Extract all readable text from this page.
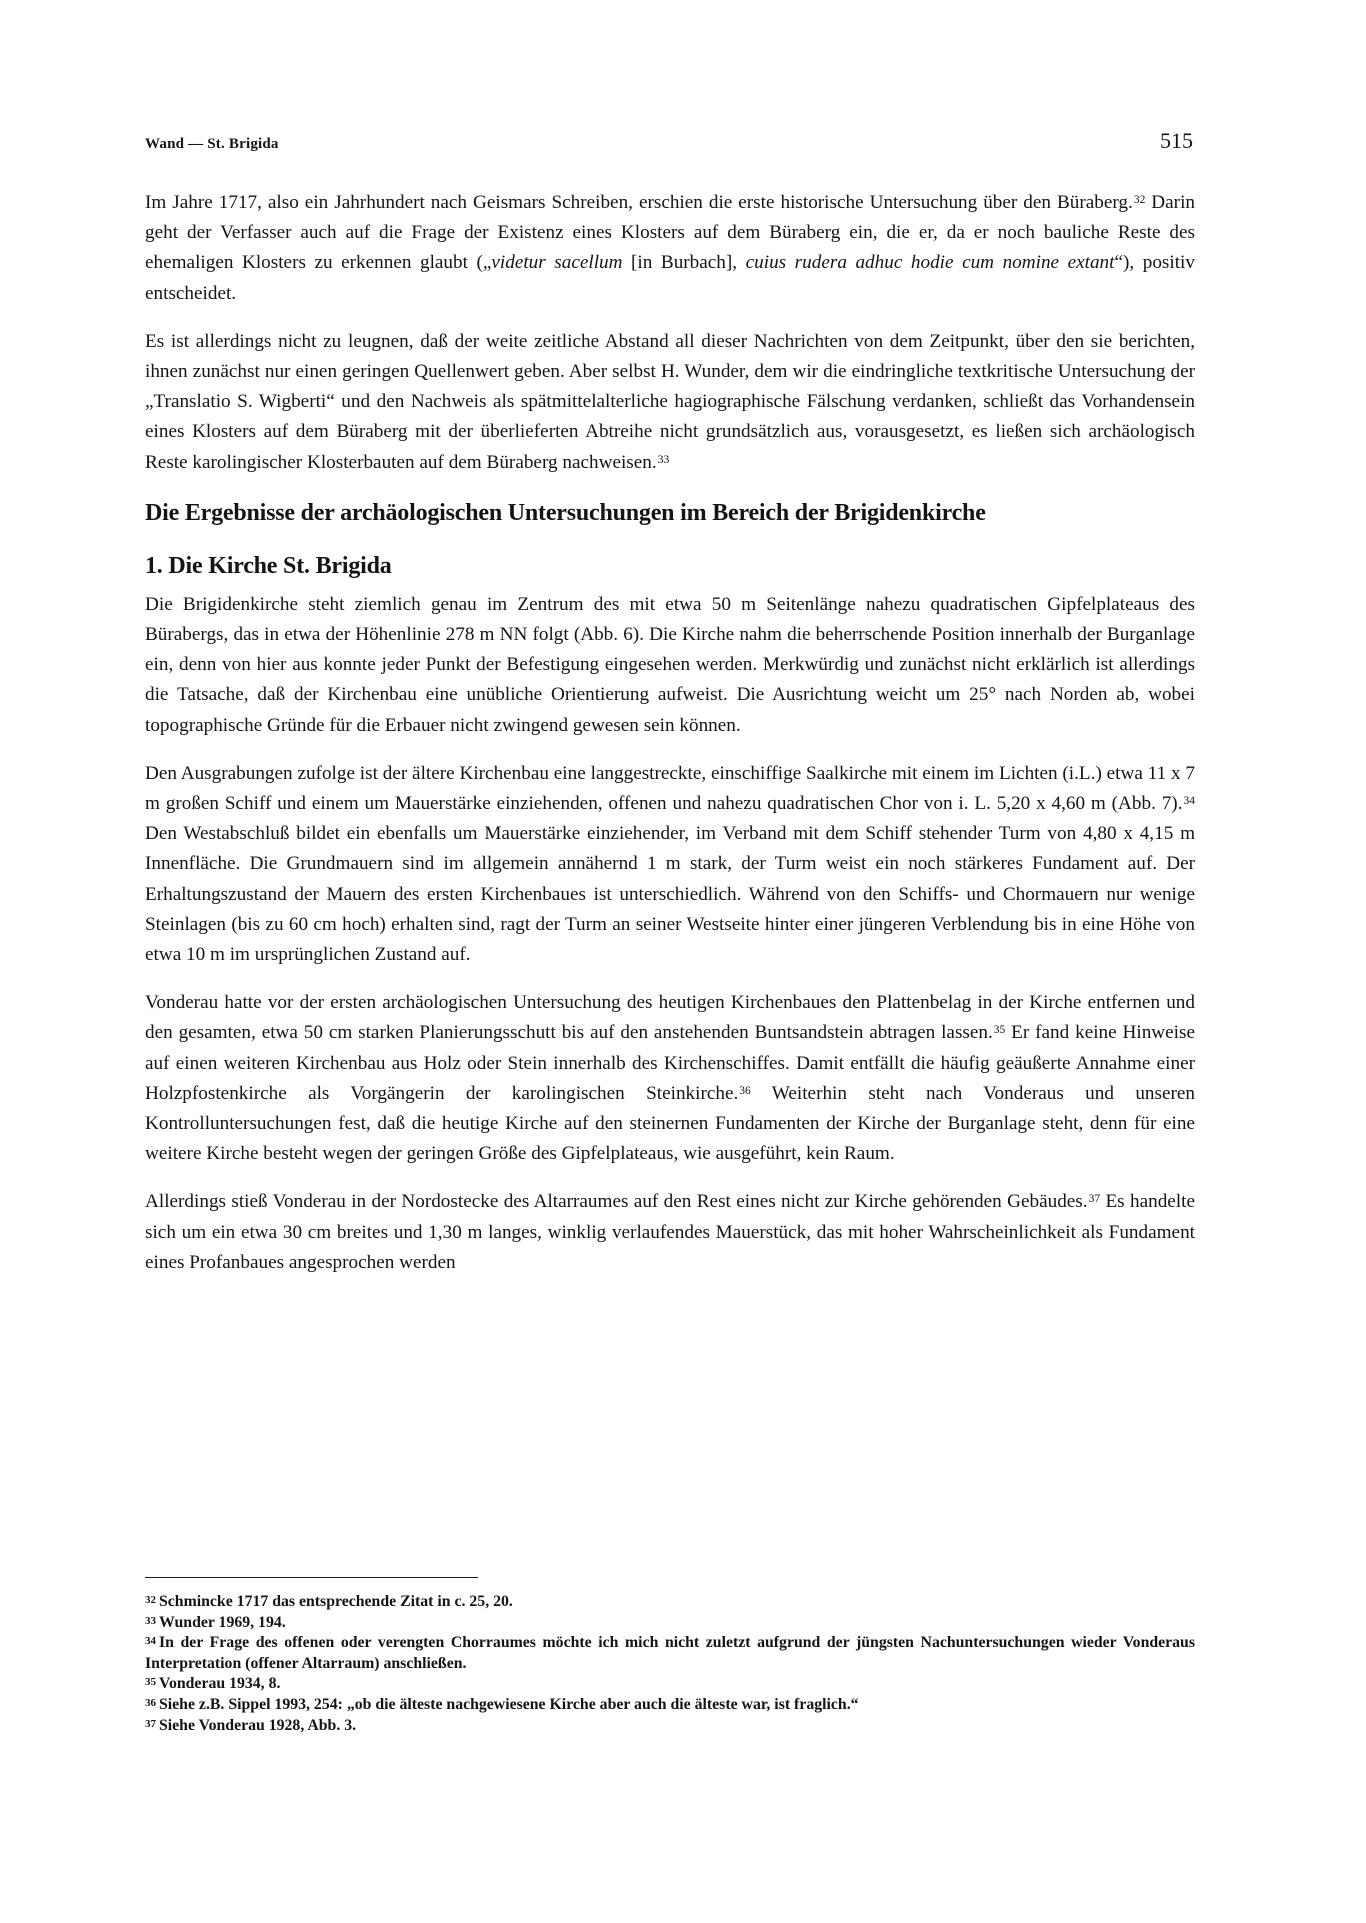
Wand — St. Brigida	515

Im Jahre 1717, also ein Jahrhundert nach Geismars Schreiben, erschien die erste historische Untersuchung über den Büraberg.$^{32}$ Darin geht der Verfasser auch auf die Frage der Existenz eines Klosters auf dem Büraberg ein, die er, da er noch bauliche Reste des ehemaligen Klosters zu erkennen glaubt („videtur sacellum [in Burbach], cuius rudera adhuc hodie cum nomine extant“), positiv entscheidet.

Es ist allerdings nicht zu leugnen, daß der weite zeitliche Abstand all dieser Nachrichten von dem Zeitpunkt, über den sie berichten, ihnen zunächst nur einen geringen Quellenwert geben. Aber selbst H. Wunder, dem wir die eindringliche textkritische Untersuchung der „Translatio S. Wigberti“ und den Nachweis als spätmittelalterliche hagiographische Fälschung verdanken, schließt das Vorhandensein eines Klosters auf dem Büraberg mit der überlieferten Abtreihe nicht grundsätzlich aus, vorausgesetzt, es ließen sich archäologisch Reste karolingischer Klosterbauten auf dem Büraberg nachweisen.$^{33}$

Die Ergebnisse der archäologischen Untersuchungen im Bereich der Brigidenkirche
1. Die Kirche St. Brigida

Die Brigidenkirche steht ziemlich genau im Zentrum des mit etwa 50 m Seitenlänge nahezu quadratischen Gipfelplateaus des Bürabergs, das in etwa der Höhenlinie 278 m NN folgt (Abb. 6). Die Kirche nahm die beherrschende Position innerhalb der Burganlage ein, denn von hier aus konnte jeder Punkt der Befestigung eingesehen werden. Merkwürdig und zunächst nicht erklärlich ist allerdings die Tatsache, daß der Kirchenbau eine unübliche Orientierung aufweist. Die Ausrichtung weicht um 25° nach Norden ab, wobei topographische Gründe für die Erbauer nicht zwingend gewesen sein können.

Den Ausgrabungen zufolge ist der ältere Kirchenbau eine langgestreckte, einschiffige Saalkirche mit einem im Lichten (i.L.) etwa 11 x 7 m großen Schiff und einem um Mauerstärke einziehenden, offenen und nahezu quadratischen Chor von i. L. 5,20 x 4,60 m (Abb. 7).$^{34}$ Den Westabschluß bildet ein ebenfalls um Mauerstärke einziehender, im Verband mit dem Schiff stehender Turm von 4,80 x 4,15 m Innenfläche. Die Grundmauern sind im allgemein annähernd 1 m stark, der Turm weist ein noch stärkeres Fundament auf. Der Erhaltungszustand der Mauern des ersten Kirchenbaues ist unterschiedlich. Während von den Schiffs- und Chormauern nur wenige Steinlagen (bis zu 60 cm hoch) erhalten sind, ragt der Turm an seiner Westseite hinter einer jüngeren Verblendung bis in eine Höhe von etwa 10 m im ursprünglichen Zustand auf.

Vonderau hatte vor der ersten archäologischen Untersuchung des heutigen Kirchenbaues den Plattenbelag in der Kirche entfernen und den gesamten, etwa 50 cm starken Planierungsschutt bis auf den anstehenden Buntsandstein abtragen lassen.$^{35}$ Er fand keine Hinweise auf einen weiteren Kirchenbau aus Holz oder Stein innerhalb des Kirchenschiffes. Damit entfällt die häufig geäußerte Annahme einer Holzpfostenkirche als Vorgängerin der karolingischen Steinkirche.$^{36}$ Weiterhin steht nach Vonderaus und unseren Kontrolluntersuchungen fest, daß die heutige Kirche auf den steinernen Fundamenten der Kirche der Burganlage steht, denn für eine weitere Kirche besteht wegen der geringen Größe des Gipfelplateaus, wie ausgeführt, kein Raum.

Allerdings stieß Vonderau in der Nordostecke des Altarraumes auf den Rest eines nicht zur Kirche gehörenden Gebäudes.$^{37}$ Es handelte sich um ein etwa 30 cm breites und 1,30 m langes, winklig verlaufendes Mauerstück, das mit hoher Wahrscheinlichkeit als Fundament eines Profanbaues angesprochen werden

$^{32}$ Schmincke 1717 das entsprechende Zitat in c. 25, 20.
$^{33}$ Wunder 1969, 194.
$^{34}$ In der Frage des offenen oder verengten Chorraumes möchte ich mich nicht zuletzt aufgrund der jüngsten Nachuntersuchungen wieder Vonderaus Interpretation (offener Altarraum) anschließen.
$^{35}$ Vonderau 1934, 8.
$^{36}$ Siehe z.B. Sippel 1993, 254: „ob die älteste nachgewiesene Kirche aber auch die älteste war, ist fraglich.“
$^{37}$ Siehe Vonderau 1928, Abb. 3.
